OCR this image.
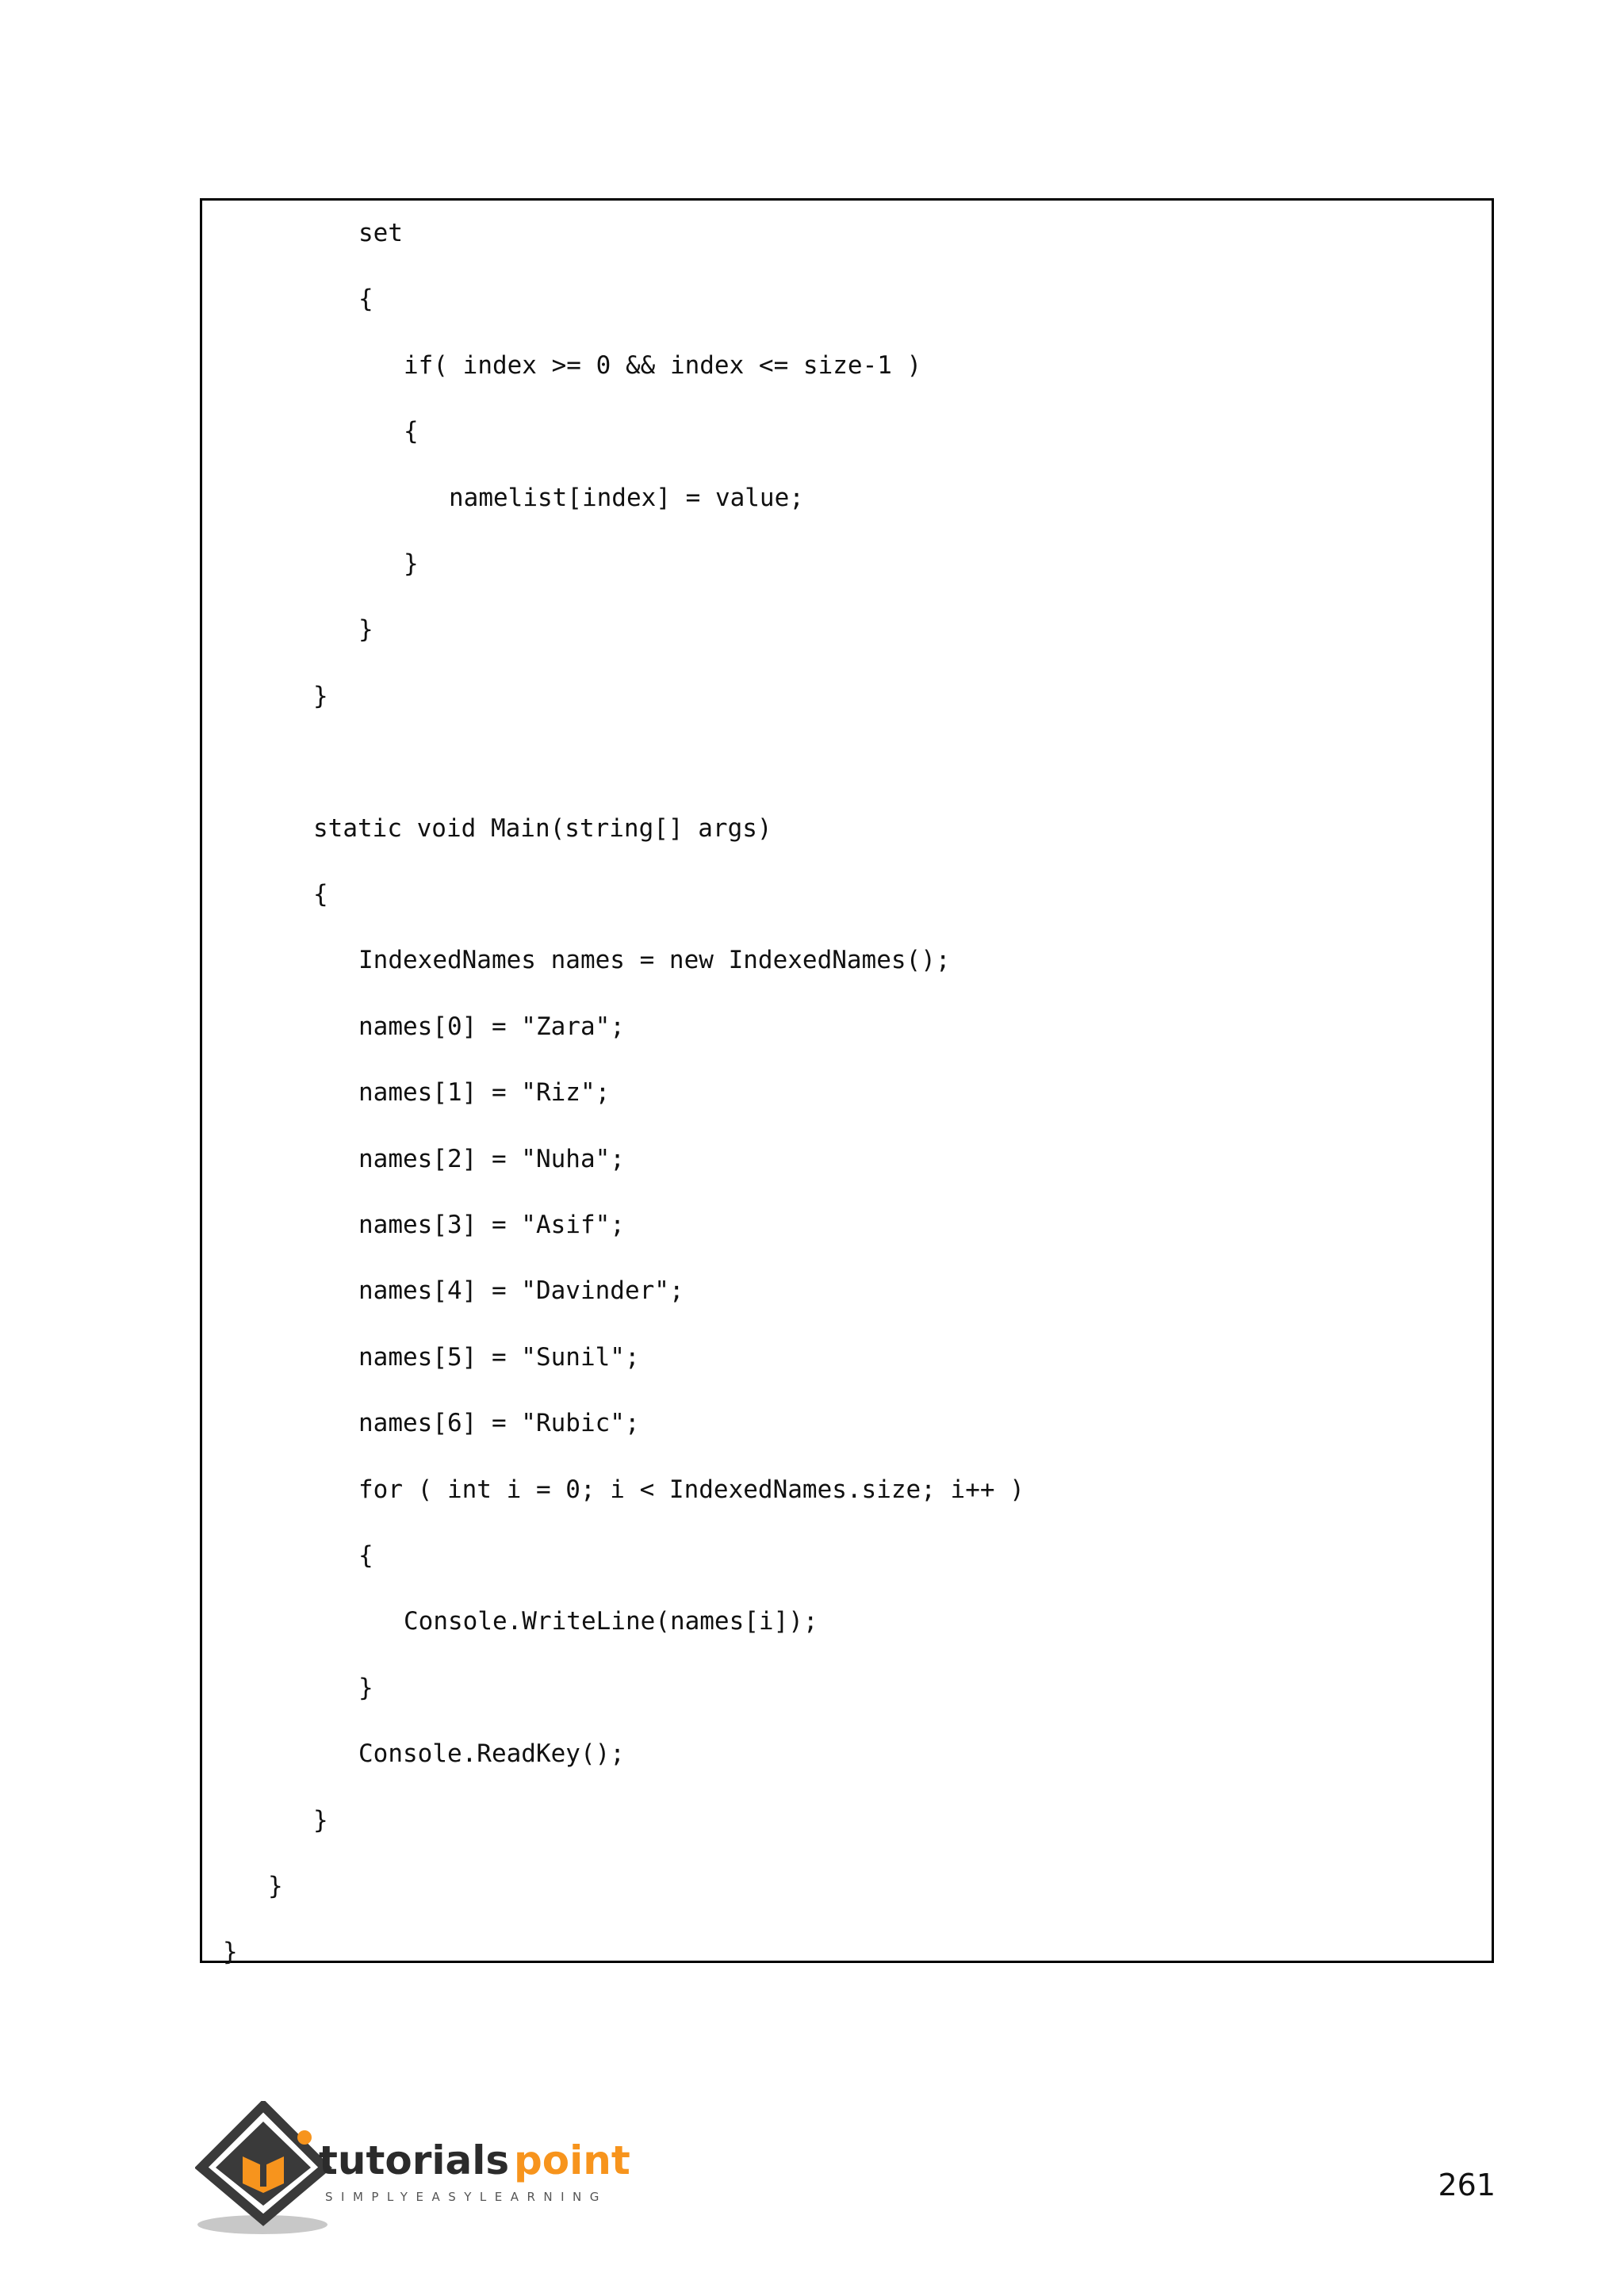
set
{
if( index >= 0 && index <= size-1 )
{
namelist[index] = value;
}
}
}
static void Main(string[] args)
{
IndexedNames names = new IndexedNames();
names[0] = "Zara";
names[1] = "Riz";
names[2] = "Nuha";
names[3] = "Asif";
names[4] = "Davinder";
names[5] = "Sunil";
names[6] = "Rubic";
for ( int i = 0; i < IndexedNames.size; i++ )
{
Console.WriteLine(names[i]);
}
Console.ReadKey();
}
}
}
tutorials point
SIMPLYEASYLEARNING	261
